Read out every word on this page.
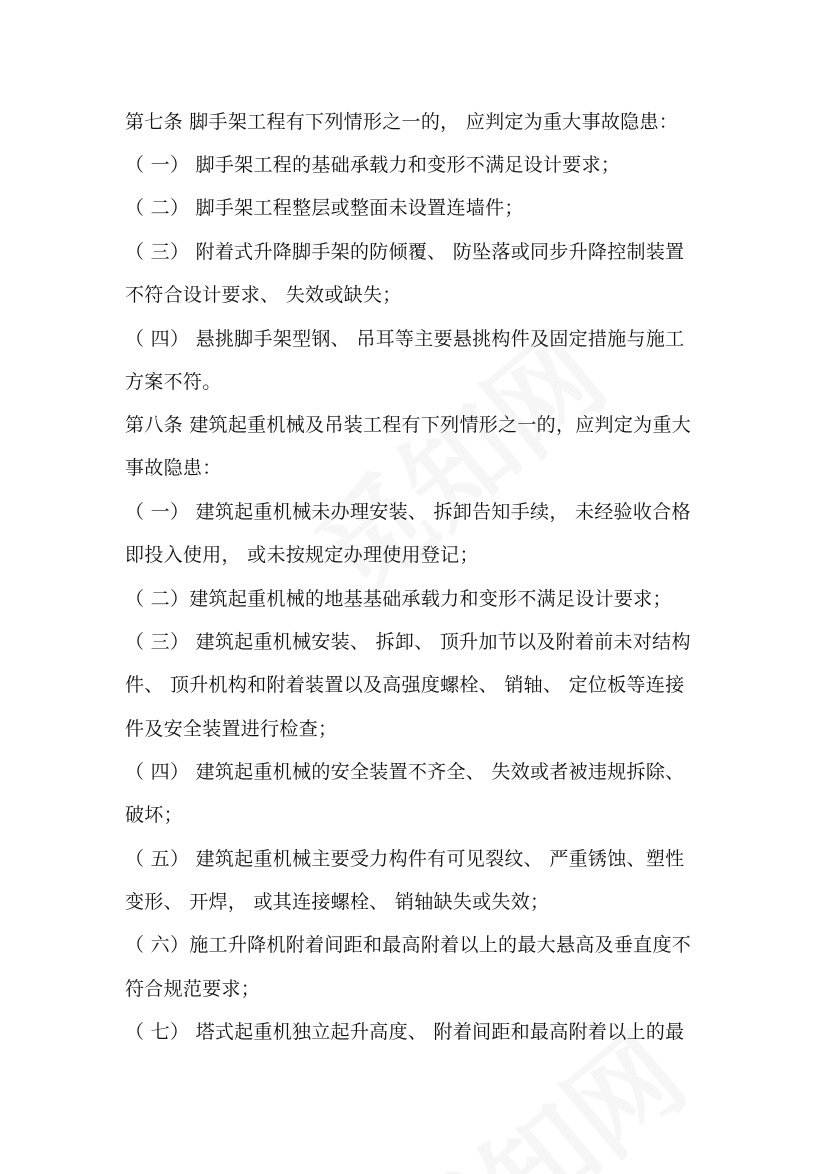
第七条 脚手架工程有下列情形之一的， 应判定为重大事故隐患：
（ 一） 脚手架工程的基础承载力和变形不满足设计要求；
（ 二） 脚手架工程整层或整面未设置连墙件；
（ 三） 附着式升降脚手架的防倾覆、 防坠落或同步升降控制装置
不符合设计要求、 失效或缺失；
（ 四） 悬挑脚手架型钢、 吊耳等主要悬挑构件及固定措施与施工
方案不符。
第八条 建筑起重机械及吊装工程有下列情形之一的，应判定为重大
事故隐患：
（ 一） 建筑起重机械未办理安装、 拆卸告知手续， 未经验收合格
即投入使用， 或未按规定办理使用登记；
（ 二）建筑起重机械的地基基础承载力和变形不满足设计要求；
（ 三） 建筑起重机械安装、 拆卸、 顶升加节以及附着前未对结构
件、 顶升机构和附着装置以及高强度螺栓、 销轴、 定位板等连接
件及安全装置进行检查；
（ 四） 建筑起重机械的安全装置不齐全、 失效或者被违规拆除、
破坏；
（ 五） 建筑起重机械主要受力构件有可见裂纹、 严重锈蚀、塑性
变形、 开焊， 或其连接螺栓、 销轴缺失或失效；
（ 六）施工升降机附着间距和最高附着以上的最大悬高及垂直度不
符合规范要求；
（ 七） 塔式起重机独立起升高度、 附着间距和最高附着以上的最
